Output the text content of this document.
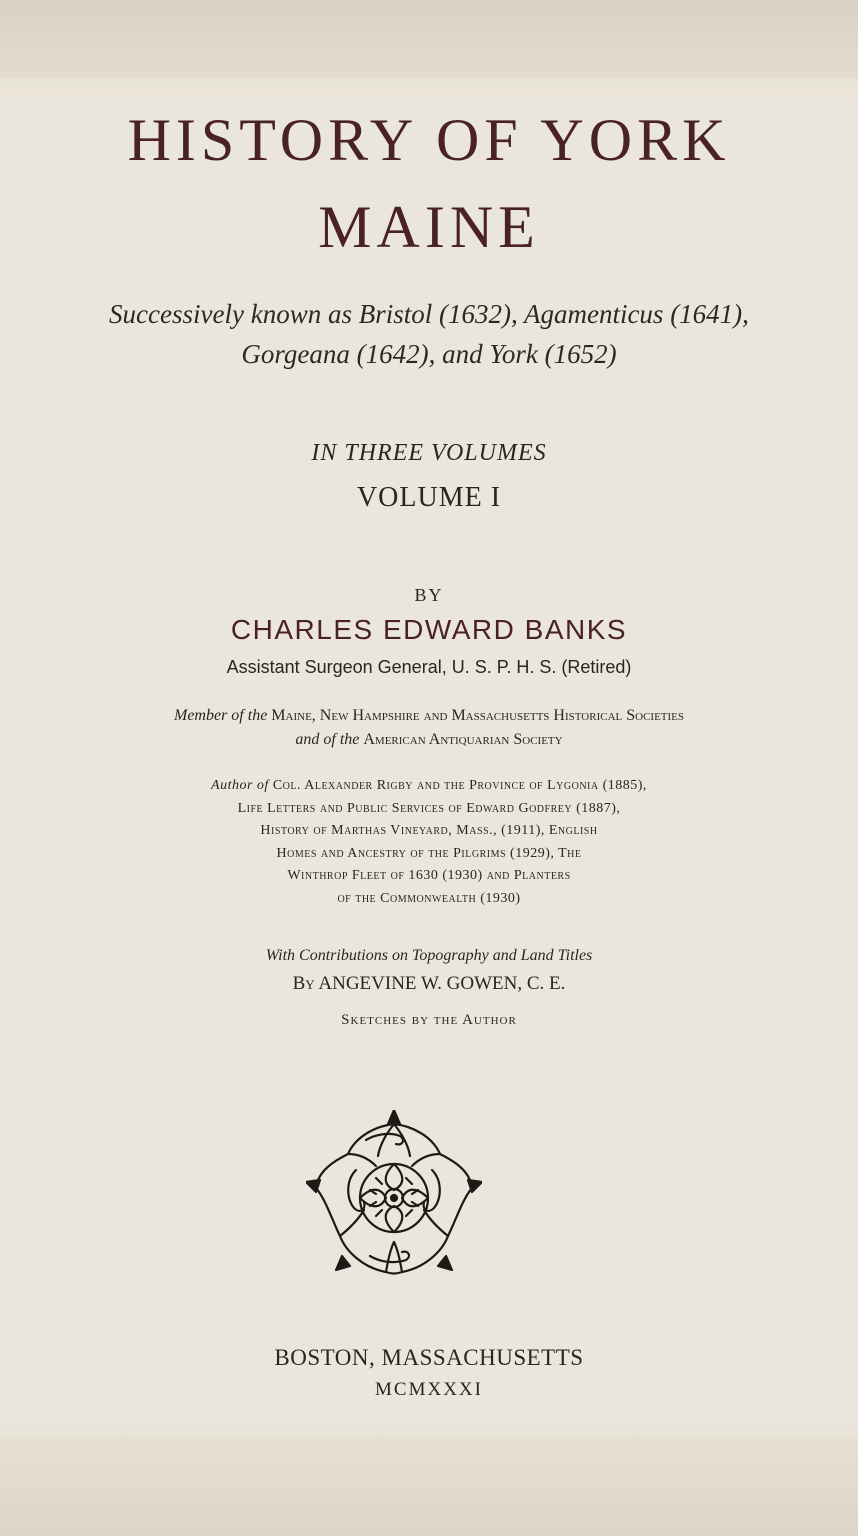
HISTORY OF YORK
MAINE
Successively known as Bristol (1632), Agamenticus (1641),
Gorgeana (1642), and York (1652)
IN THREE VOLUMES
VOLUME I
BY
CHARLES EDWARD BANKS
Assistant Surgeon General, U. S. P. H. S. (Retired)
Member of the Maine, New Hampshire and Massachusetts Historical Societies
and of the American Antiquarian Society
Author of Col. Alexander Rigby and the Province of Lygonia (1885),
Life Letters and Public Services of Edward Godfrey (1887),
History of Marthas Vineyard, Mass., (1911), English
Homes and Ancestry of the Pilgrims (1929), The
Winthrop Fleet of 1630 (1930) and Planters
of the Commonwealth (1930)
With Contributions on Topography and Land Titles
By ANGEVINE W. GOWEN, C. E.
Sketches by the Author
BOSTON, MASSACHUSETTS
MCMXXXI
